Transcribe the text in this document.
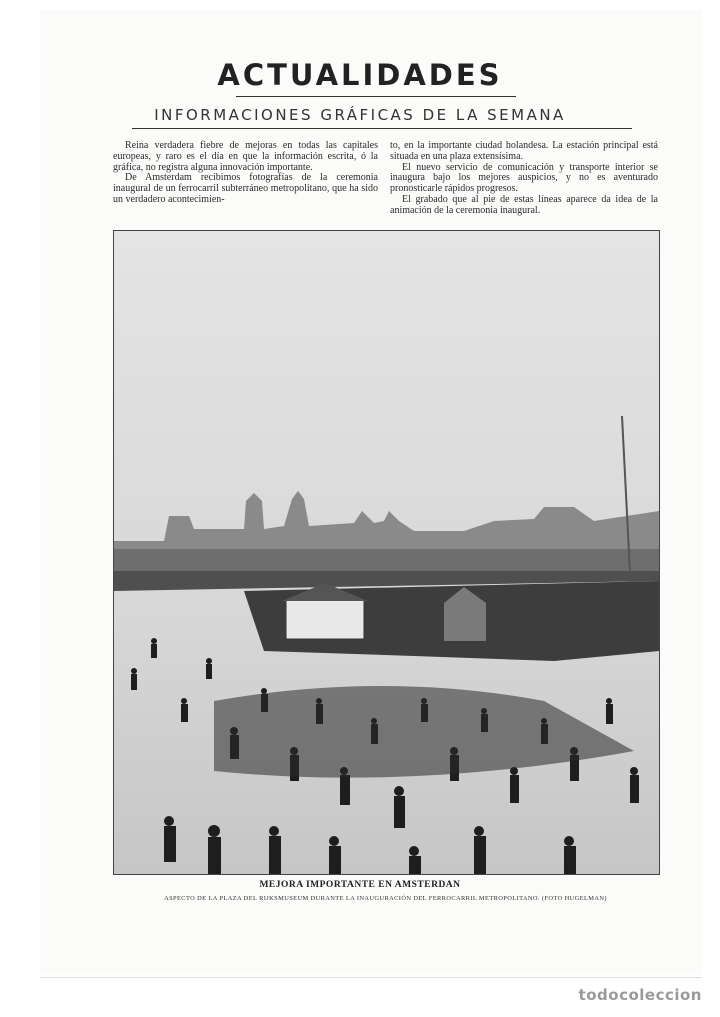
ACTUALIDADES
INFORMACIONES GRÁFICAS DE LA SEMANA

Reina verdadera fiebre de mejoras en todas las capitales europeas, y raro es el día en que la información escrita, ó la gráfica, no registra alguna innovación importante.

De Amsterdam recibimos fotografías de la ceremonia inaugural de un ferrocarril subterráneo metropolitano, que ha sido un verdadero acontecimien-

to, en la importante ciudad holandesa. La estación principal está situada en una plaza extensísima.

El nuevo servicio de comunicación y transporte interior se inaugura bajo los mejores auspicios, y no es aventurado pronosticarle rápidos progresos.

El grabado que al pie de estas líneas aparece da idea de la animación de la ceremonia inaugural.

MEJORA IMPORTANTE EN AMSTERDAN
ASPECTO DE LA PLAZA DEL RIJKSMUSEUM DURANTE LA INAUGURACIÓN DEL FERROCARRIL METROPOLITANO. (FOTO HUGELMAN)
todocoleccion
